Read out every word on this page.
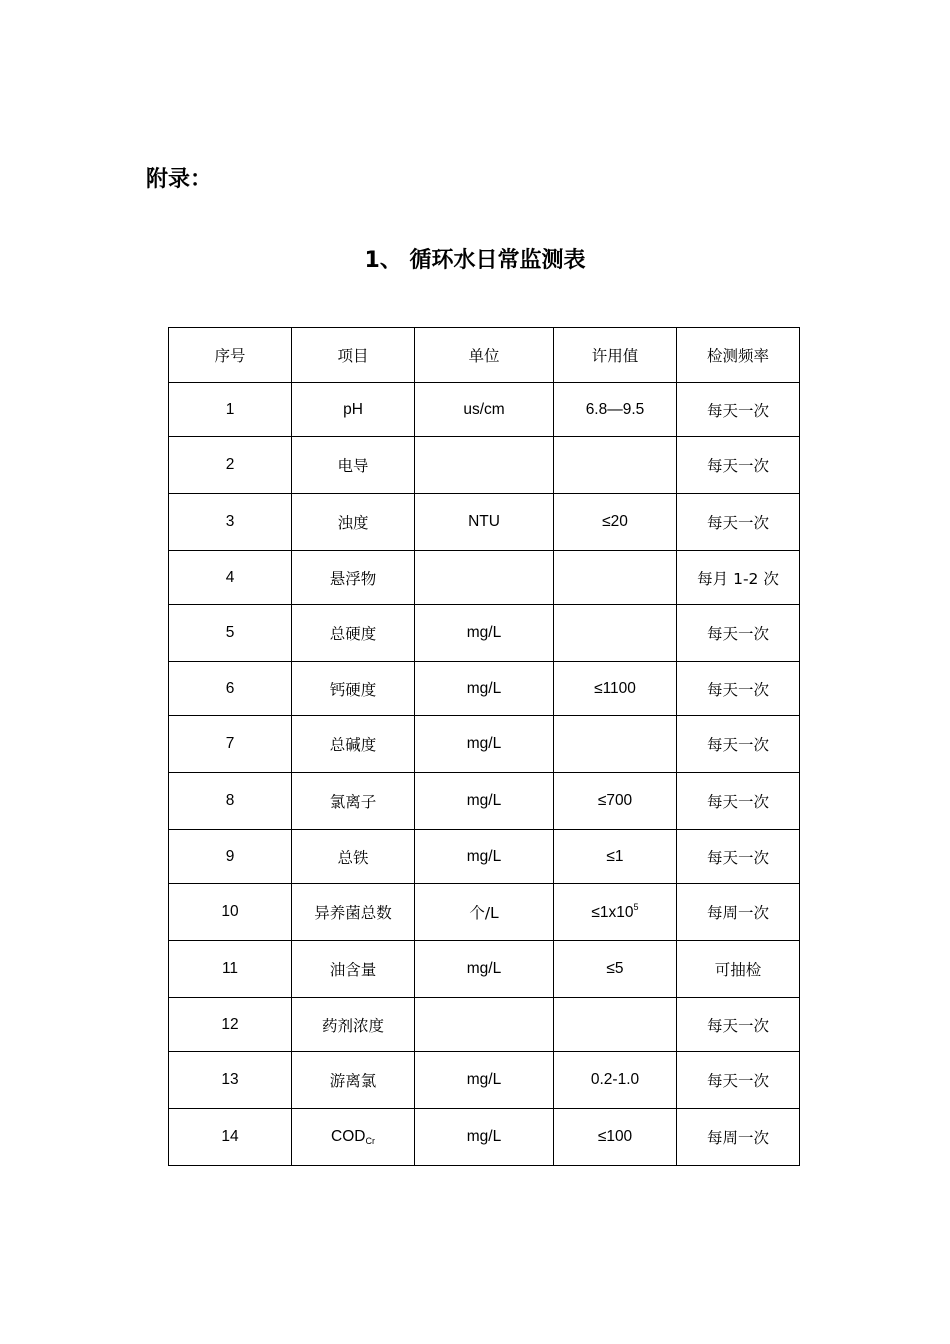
附录：
1、 循环水日常监测表
序号	项目	单位	许用值	检测频率
1	pH	us/cm	6.8—9.5	每天一次
2	电导			每天一次
3	浊度	NTU	≤20	每天一次
4	悬浮物			每月 1-2 次
5	总硬度	mg/L		每天一次
6	钙硬度	mg/L	≤1100	每天一次
7	总碱度	mg/L		每天一次
8	氯离子	mg/L	≤700	每天一次
9	总铁	mg/L	≤1	每天一次
10	异养菌总数	个/L	$\le 1x10^5$	每周一次
11	油含量	mg/L	≤5	可抽检
12	药剂浓度			每天一次
13	游离氯	mg/L	0.2-1.0	每天一次
14	$COD_{Cr}$	mg/L	≤100	每周一次
